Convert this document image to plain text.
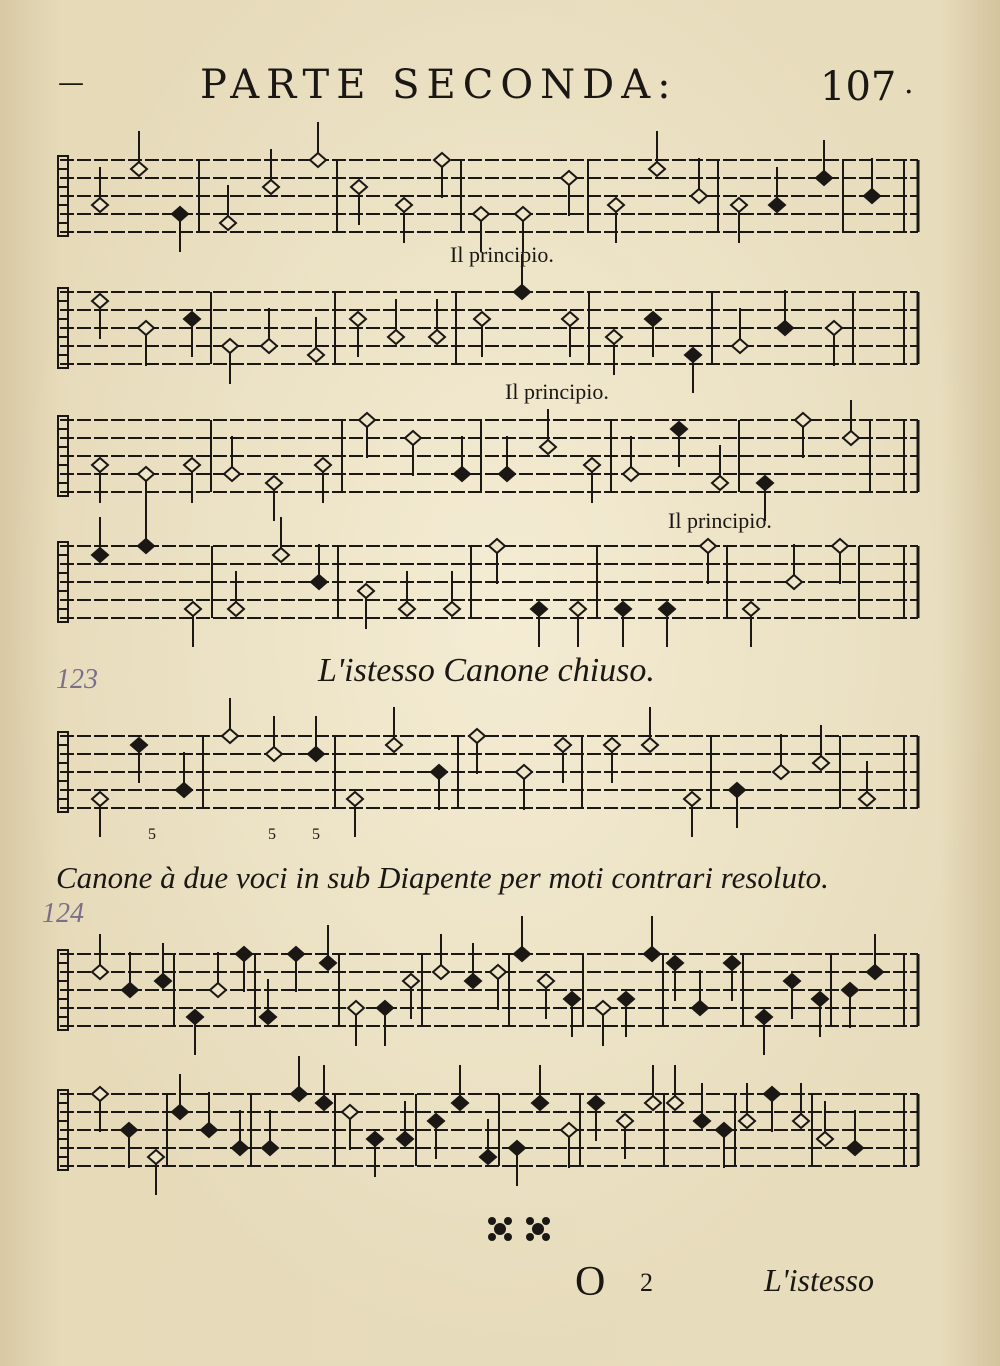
—	PARTE SECONDA:	107 .
Il principio.
Il principio.
Il principio.
123	L'istesso Canone chiuso.
5	5 5
Canone à due voci in sub Diapente per moti contrari resoluto.
124
O 2	L'istesso
